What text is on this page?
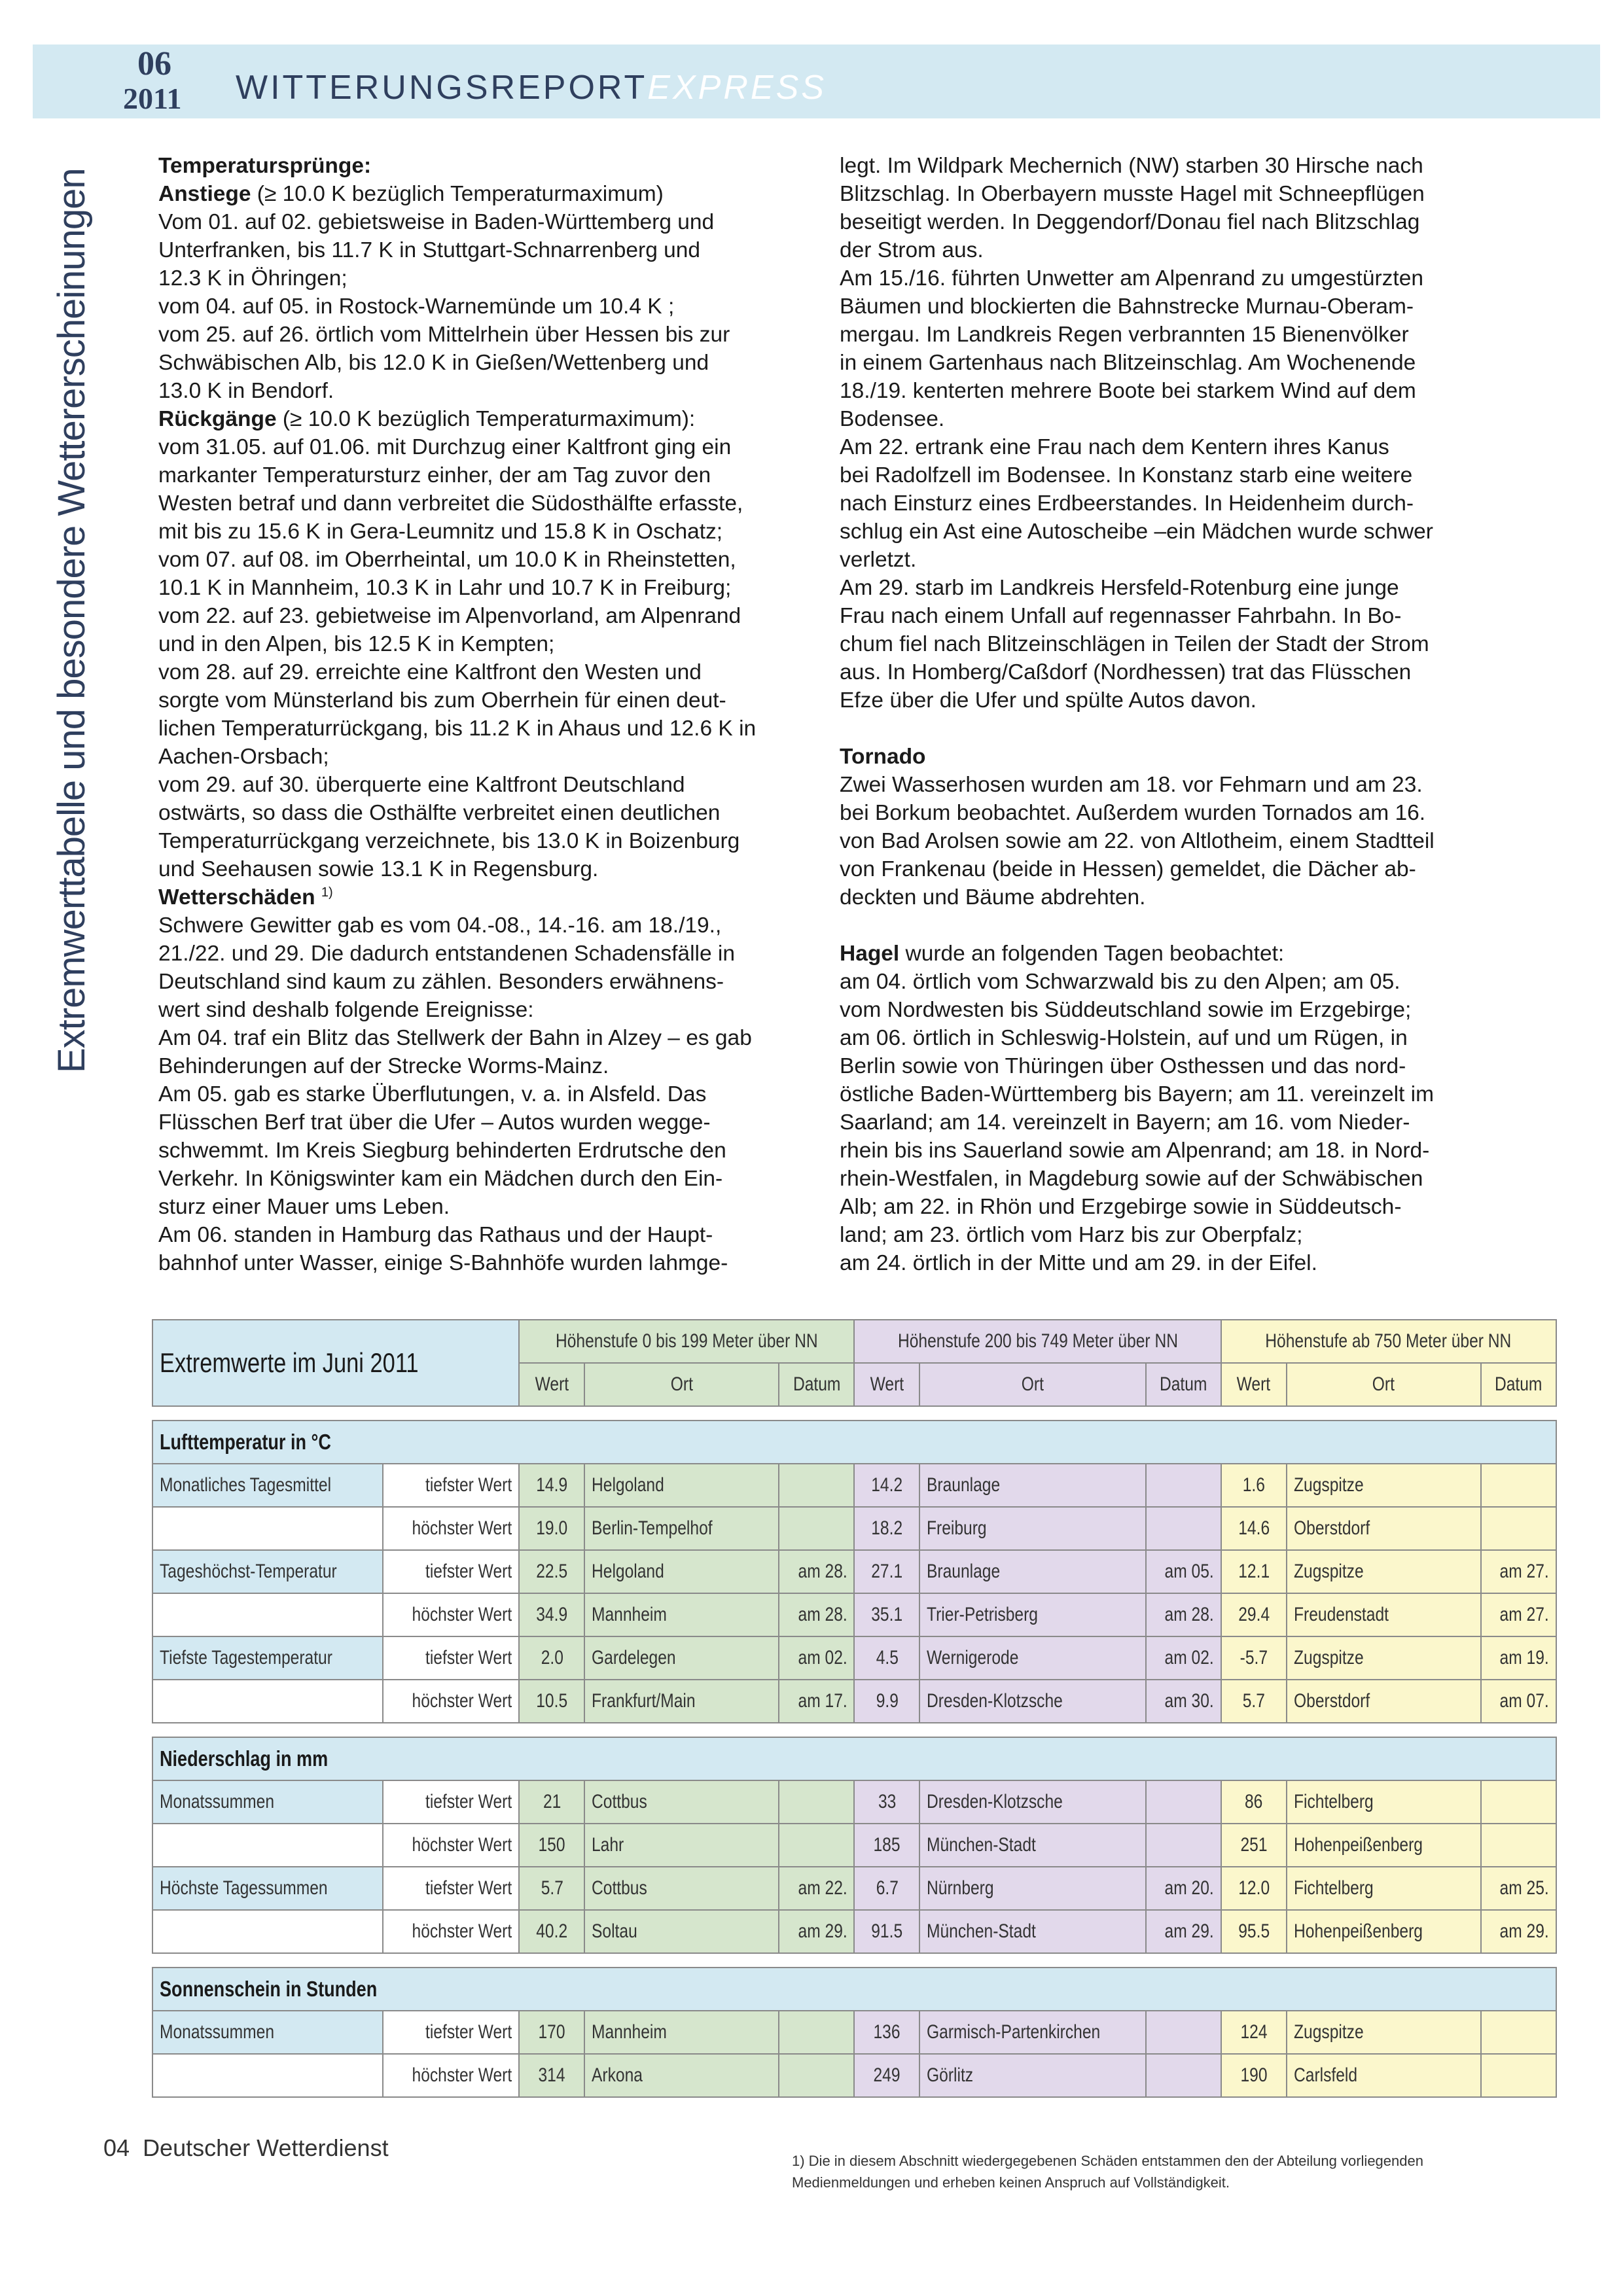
06
2011 WITTERUNGSREPORTEXPRESS
Extremwerttabelle und besondere Wettererscheinungen
Temperatursprünge:
Anstiege (≥ 10.0 K bezüglich Temperaturmaximum)
Vom 01. auf 02. gebietsweise in Baden-Württemberg und
Unterfranken, bis 11.7 K in Stuttgart-Schnarrenberg und
12.3 K in Öhringen;
vom 04. auf 05. in Rostock-Warnemünde um 10.4 K ;
vom 25. auf 26. örtlich vom Mittelrhein über Hessen bis zur
Schwäbischen Alb, bis 12.0 K in Gießen/Wettenberg und
13.0 K in Bendorf.
Rückgänge (≥ 10.0 K bezüglich Temperaturmaximum):
vom 31.05. auf 01.06. mit Durchzug einer Kaltfront ging ein
markanter Temperatursturz einher, der am Tag zuvor den
Westen betraf und dann verbreitet die Südosthälfte erfasste,
mit bis zu 15.6 K in Gera-Leumnitz und 15.8 K in Oschatz;
vom 07. auf 08. im Oberrheintal, um 10.0 K in Rheinstetten,
10.1 K in Mannheim, 10.3 K in Lahr und 10.7 K in Freiburg;
vom 22. auf 23. gebietweise im Alpenvorland, am Alpenrand
und in den Alpen, bis 12.5 K in Kempten;
vom 28. auf 29. erreichte eine Kaltfront den Westen und
sorgte vom Münsterland bis zum Oberrhein für einen deut-
lichen Temperaturrückgang, bis 11.2 K in Ahaus und 12.6 K in
Aachen-Orsbach;
vom 29. auf 30. überquerte eine Kaltfront Deutschland
ostwärts, so dass die Osthälfte verbreitet einen deutlichen
Temperaturrückgang verzeichnete, bis 13.0 K in Boizenburg
und Seehausen sowie 13.1 K in Regensburg.
Wetterschäden $^{1)}$
Schwere Gewitter gab es vom 04.-08., 14.-16. am 18./19.,
21./22. und 29. Die dadurch entstandenen Schadensfälle in
Deutschland sind kaum zu zählen. Besonders erwähnens-
wert sind deshalb folgende Ereignisse:
Am 04. traf ein Blitz das Stellwerk der Bahn in Alzey – es gab
Behinderungen auf der Strecke Worms-Mainz.
Am 05. gab es starke Überflutungen, v. a. in Alsfeld. Das
Flüsschen Berf trat über die Ufer – Autos wurden wegge-
schwemmt. Im Kreis Siegburg behinderten Erdrutsche den
Verkehr. In Königswinter kam ein Mädchen durch den Ein-
sturz einer Mauer ums Leben.
Am 06. standen in Hamburg das Rathaus und der Haupt-
bahnhof unter Wasser, einige S-Bahnhöfe wurden lahmge-
legt. Im Wildpark Mechernich (NW) starben 30 Hirsche nach
Blitzschlag. In Oberbayern musste Hagel mit Schneepflügen
beseitigt werden. In Deggendorf/Donau fiel nach Blitzschlag
der Strom aus.
Am 15./16. führten Unwetter am Alpenrand zu umgestürzten
Bäumen und blockierten die Bahnstrecke Murnau-Oberam-
mergau. Im Landkreis Regen verbrannten 15 Bienenvölker
in einem Gartenhaus nach Blitzeinschlag. Am Wochenende
18./19. kenterten mehrere Boote bei starkem Wind auf dem
Bodensee.
Am 22. ertrank eine Frau nach dem Kentern ihres Kanus
bei Radolfzell im Bodensee. In Konstanz starb eine weitere
nach Einsturz eines Erdbeerstandes. In Heidenheim durch-
schlug ein Ast eine Autoscheibe –ein Mädchen wurde schwer
verletzt.
Am 29. starb im Landkreis Hersfeld-Rotenburg eine junge
Frau nach einem Unfall auf regennasser Fahrbahn. In Bo-
chum fiel nach Blitzeinschlägen in Teilen der Stadt der Strom
aus. In Homberg/Caßdorf (Nordhessen) trat das Flüsschen
Efze über die Ufer und spülte Autos davon.
Tornado
Zwei Wasserhosen wurden am 18. vor Fehmarn und am 23.
bei Borkum beobachtet. Außerdem wurden Tornados am 16.
von Bad Arolsen sowie am 22. von Altlotheim, einem Stadtteil
von Frankenau (beide in Hessen) gemeldet, die Dächer ab-
deckten und Bäume abdrehten.
Hagel wurde an folgenden Tagen beobachtet:
am 04. örtlich vom Schwarzwald bis zu den Alpen; am 05.
vom Nordwesten bis Süddeutschland sowie im Erzgebirge;
am 06. örtlich in Schleswig-Holstein, auf und um Rügen, in
Berlin sowie von Thüringen über Osthessen und das nord-
östliche Baden-Württemberg bis Bayern; am 11. vereinzelt im
Saarland; am 14. vereinzelt in Bayern; am 16. vom Nieder-
rhein bis ins Sauerland sowie am Alpenrand; am 18. in Nord-
rhein-Westfalen, in Magdeburg sowie auf der Schwäbischen
Alb; am 22. in Rhön und Erzgebirge sowie in Süddeutsch-
land; am 23. örtlich vom Harz bis zur Oberpfalz;
am 24. örtlich in der Mitte und am 29. in der Eifel.
Extremwerte im Juni 2011		Höhenstufe 0 bis 199 Meter über NN			Höhenstufe 200 bis 749 Meter über NN			Höhenstufe ab 750 Meter über NN		
		Wert	Ort	Datum	Wert	Ort	Datum	Wert	Ort	Datum

Lufttemperatur in °C										
Monatliches Tagesmittel	tiefster Wert	14.9	Helgoland		14.2	Braunlage		1.6	Zugspitze	
	höchster Wert	19.0	Berlin-Tempelhof		18.2	Freiburg		14.6	Oberstdorf	
Tageshöchst-Temperatur	tiefster Wert	22.5	Helgoland	am 28.	27.1	Braunlage	am 05.	12.1	Zugspitze	am 27.
	höchster Wert	34.9	Mannheim	am 28.	35.1	Trier-Petrisberg	am 28.	29.4	Freudenstadt	am 27.
Tiefste Tagestemperatur	tiefster Wert	2.0	Gardelegen	am 02.	4.5	Wernigerode	am 02.	-5.7	Zugspitze	am 19.
	höchster Wert	10.5	Frankfurt/Main	am 17.	9.9	Dresden-Klotzsche	am 30.	5.7	Oberstdorf	am 07.

Niederschlag in mm										
Monatssummen	tiefster Wert	21	Cottbus		33	Dresden-Klotzsche		86	Fichtelberg	
	höchster Wert	150	Lahr		185	München-Stadt		251	Hohenpeißenberg	
Höchste Tagessummen	tiefster Wert	5.7	Cottbus	am 22.	6.7	Nürnberg	am 20.	12.0	Fichtelberg	am 25.
	höchster Wert	40.2	Soltau	am 29.	91.5	München-Stadt	am 29.	95.5	Hohenpeißenberg	am 29.

Sonnenschein in Stunden										
Monatssummen	tiefster Wert	170	Mannheim		136	Garmisch-Partenkirchen		124	Zugspitze	
	höchster Wert	314	Arkona		249	Görlitz		190	Carlsfeld	
04 Deutscher Wetterdienst	1) Die in diesem Abschnitt wiedergegebenen Schäden entstammen den der Abteilung vorliegenden
Medienmeldungen und erheben keinen Anspruch auf Vollständigkeit.
